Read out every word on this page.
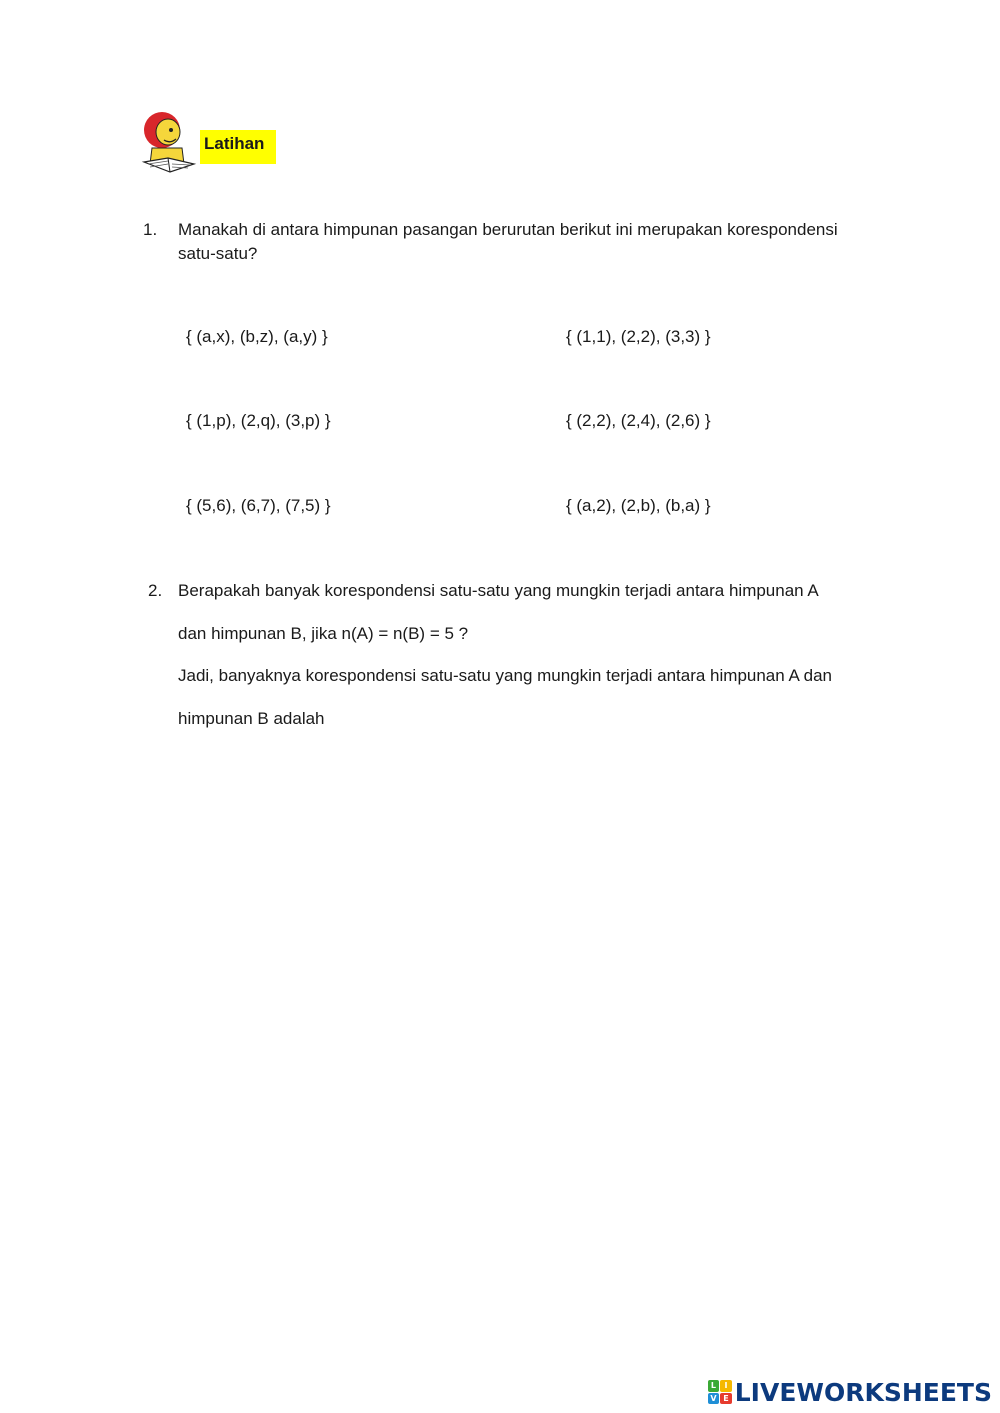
Latihan
1. Manakah di antara himpunan pasangan berurutan berikut ini merupakan korespondensi
satu-satu?
{ (a,x), (b,z), (a,y) }	{ (1,1), (2,2), (3,3) }
{ (1,p), (2,q), (3,p) }	{ (2,2), (2,4), (2,6) }
{ (5,6), (6,7), (7,5) }	{ (a,2), (2,b), (b,a) }
2. Berapakah banyak korespondensi satu-satu yang mungkin terjadi antara himpunan A
dan himpunan B, jika n(A) = n(B) = 5 ?
Jadi, banyaknya korespondensi satu-satu yang mungkin terjadi antara himpunan A dan
himpunan B adalah
L	I
V E LIVEWORKSHEETS
